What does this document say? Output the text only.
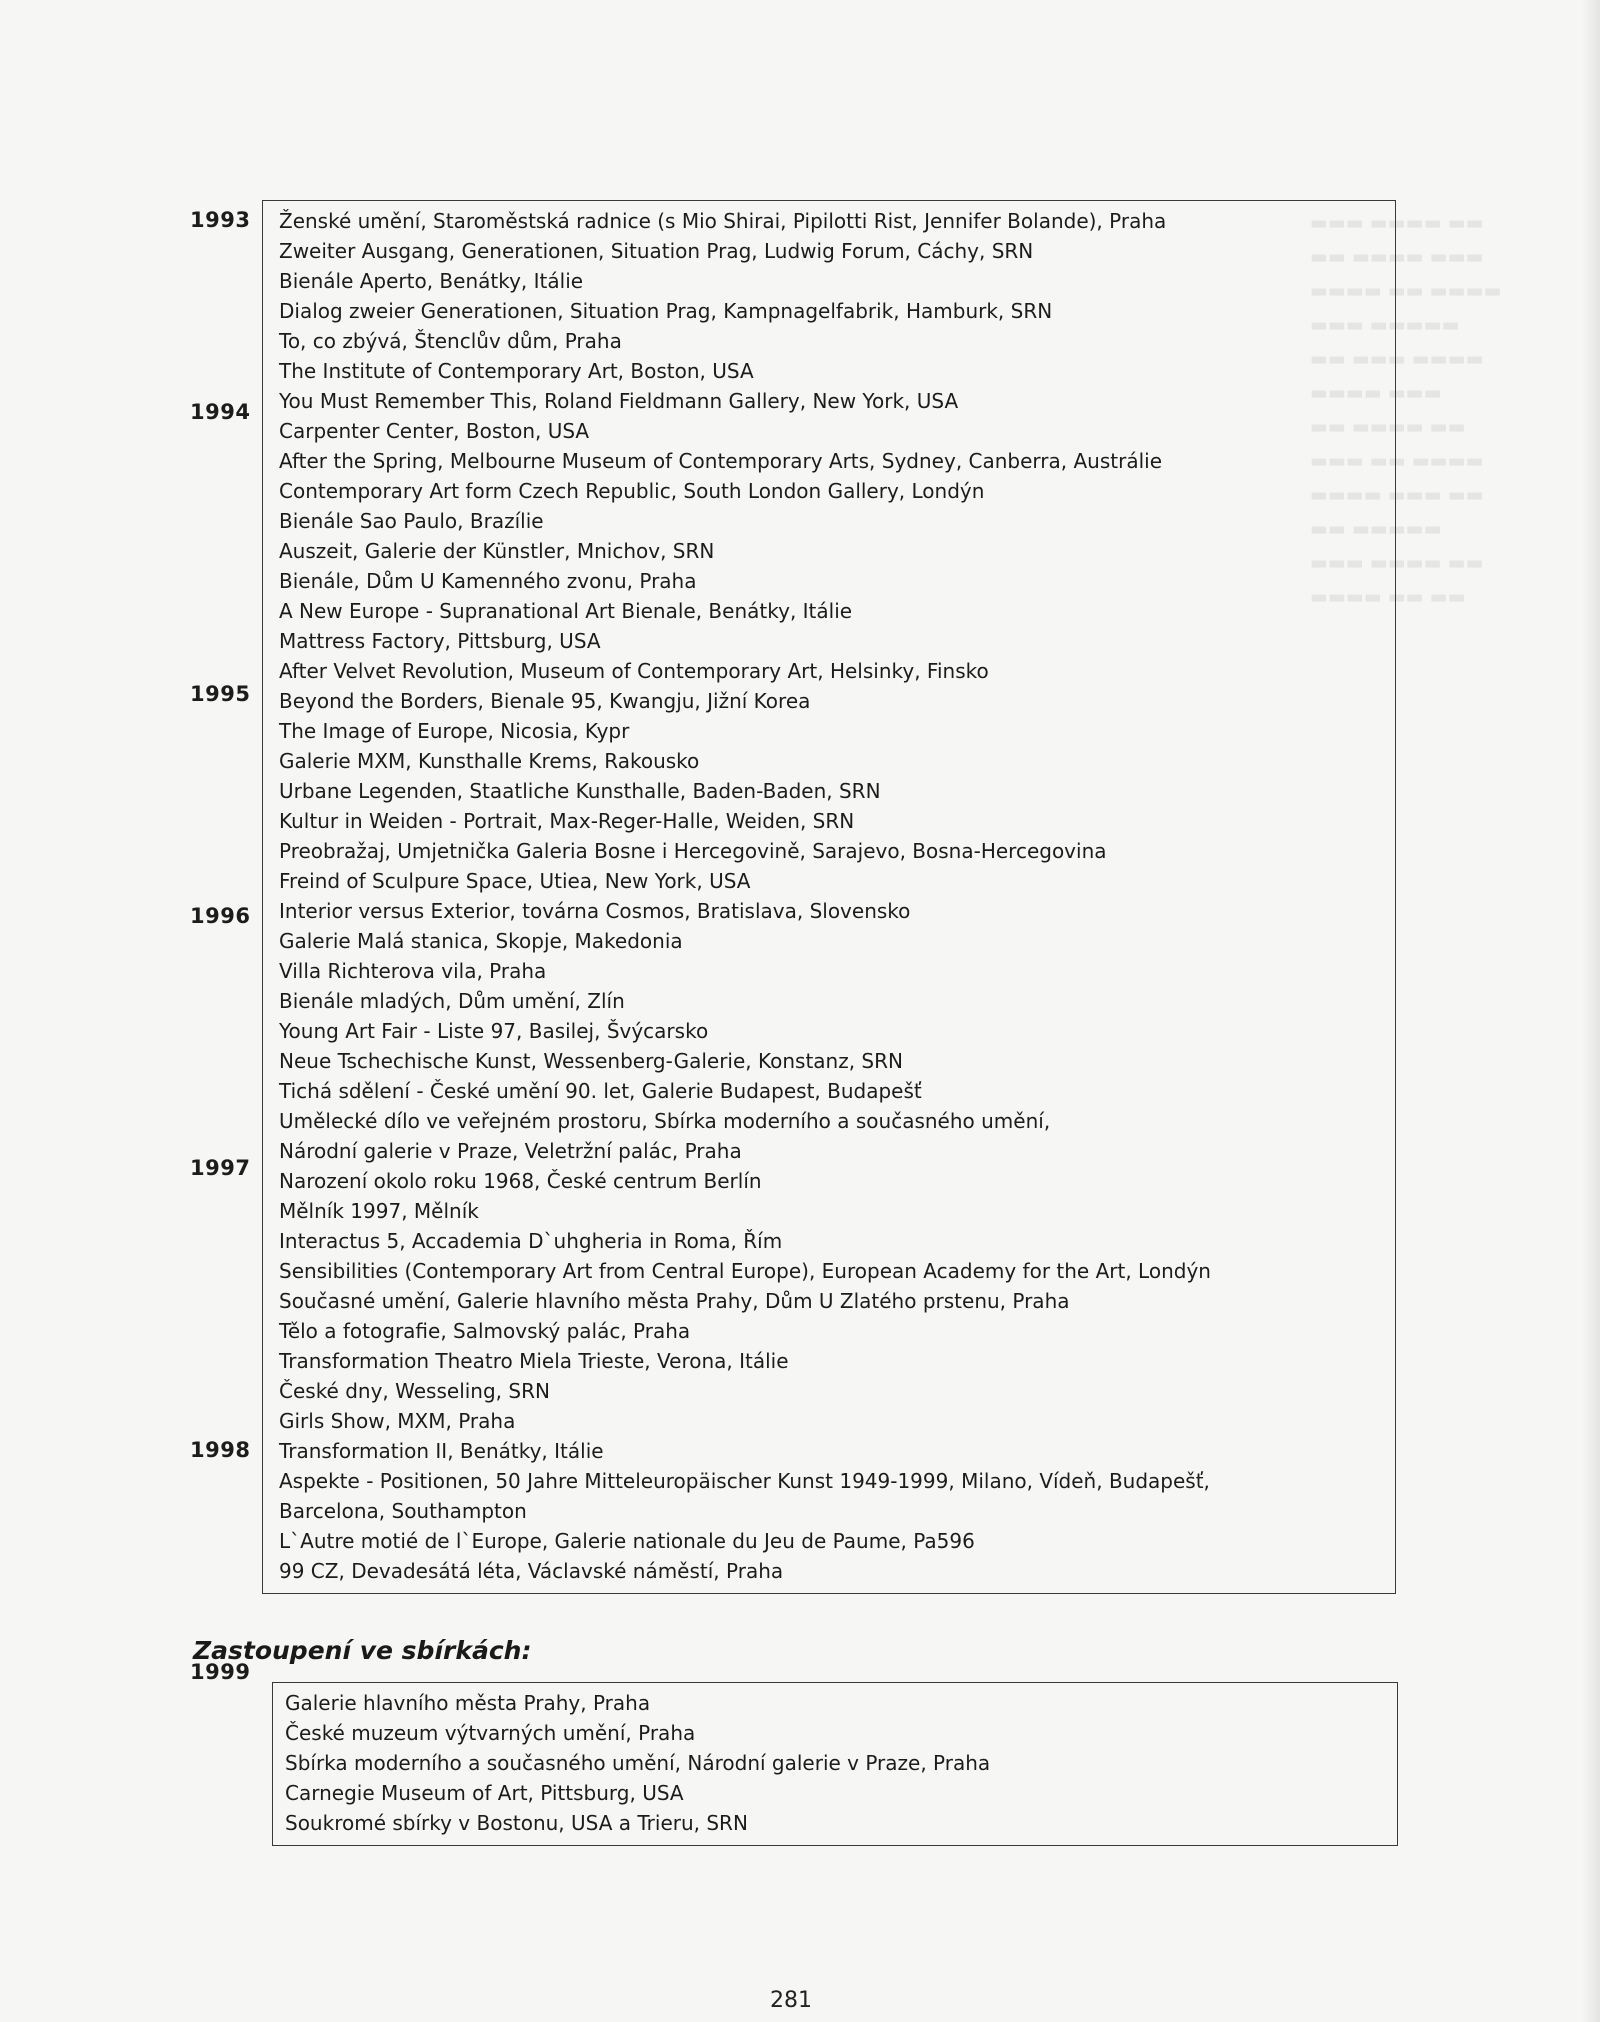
▬▬▬ ▬▬▬▬ ▬▬
▬▬ ▬▬▬▬ ▬▬▬
▬▬▬▬ ▬▬ ▬▬▬▬
▬▬▬ ▬▬▬▬▬
▬▬ ▬▬▬ ▬▬▬▬
▬▬▬▬ ▬▬▬
▬▬ ▬▬▬▬ ▬▬
▬▬▬ ▬▬ ▬▬▬▬
▬▬▬▬ ▬▬▬ ▬▬
▬▬ ▬▬▬▬▬
▬▬▬ ▬▬▬▬ ▬▬
▬▬▬▬ ▬▬ ▬▬
1993
1994
1995
1996
1997
1998
1999
Ženské umění, Staroměstská radnice (s Mio Shirai, Pipilotti Rist, Jennifer Bolande), Praha
Zweiter Ausgang, Generationen, Situation Prag, Ludwig Forum, Cáchy, SRN
Bienále Aperto, Benátky, Itálie
Dialog zweier Generationen, Situation Prag, Kampnagelfabrik, Hamburk, SRN
To, co zbývá, Štenclův dům, Praha
The Institute of Contemporary Art, Boston, USA
You Must Remember This, Roland Fieldmann Gallery, New York, USA
Carpenter Center, Boston, USA
After the Spring, Melbourne Museum of Contemporary Arts, Sydney, Canberra, Austrálie
Contemporary Art form Czech Republic, South London Gallery, Londýn
Bienále Sao Paulo, Brazílie
Auszeit, Galerie der Künstler, Mnichov, SRN
Bienále, Dům U Kamenného zvonu, Praha
A New Europe - Supranational Art Bienale, Benátky, Itálie
Mattress Factory, Pittsburg, USA
After Velvet Revolution, Museum of Contemporary Art, Helsinky, Finsko
Beyond the Borders, Bienale 95, Kwangju, Jižní Korea
The Image of Europe, Nicosia, Kypr
Galerie MXM, Kunsthalle Krems, Rakousko
Urbane Legenden, Staatliche Kunsthalle, Baden-Baden, SRN
Kultur in Weiden - Portrait, Max-Reger-Halle, Weiden, SRN
Preobražaj, Umjetnička Galeria Bosne i Hercegovině, Sarajevo, Bosna-Hercegovina
Freind of Sculpure Space, Utiea, New York, USA
Interior versus Exterior, továrna Cosmos, Bratislava, Slovensko
Galerie Malá stanica, Skopje, Makedonia
Villa Richterova vila, Praha
Bienále mladých, Dům umění, Zlín
Young Art Fair - Liste 97, Basilej, Švýcarsko
Neue Tschechische Kunst, Wessenberg-Galerie, Konstanz, SRN
Tichá sdělení - České umění 90. let, Galerie Budapest, Budapešť
Umělecké dílo ve veřejném prostoru, Sbírka moderního a současného umění,
Národní galerie v Praze, Veletržní palác, Praha
Narození okolo roku 1968, České centrum Berlín
Mělník 1997, Mělník
Interactus 5, Accademia D`uhgheria in Roma, Řím
Sensibilities (Contemporary Art from Central Europe), European Academy for the Art, Londýn
Současné umění, Galerie hlavního města Prahy, Dům U Zlatého prstenu, Praha
Tělo a fotografie, Salmovský palác, Praha
Transformation Theatro Miela Trieste, Verona, Itálie
České dny, Wesseling, SRN
Girls Show, MXM, Praha
Transformation II, Benátky, Itálie
Aspekte - Positionen, 50 Jahre Mitteleuropäischer Kunst 1949-1999, Milano, Vídeň, Budapešť,
Barcelona, Southampton
L`Autre motié de l`Europe, Galerie nationale du Jeu de Paume, Pa596
99 CZ, Devadesátá léta, Václavské náměstí, Praha
Zastoupení ve sbírkách:
Galerie hlavního města Prahy, Praha
České muzeum výtvarných umění, Praha
Sbírka moderního a současného umění, Národní galerie v Praze, Praha
Carnegie Museum of Art, Pittsburg, USA
Soukromé sbírky v Bostonu, USA a Trieru, SRN
281
